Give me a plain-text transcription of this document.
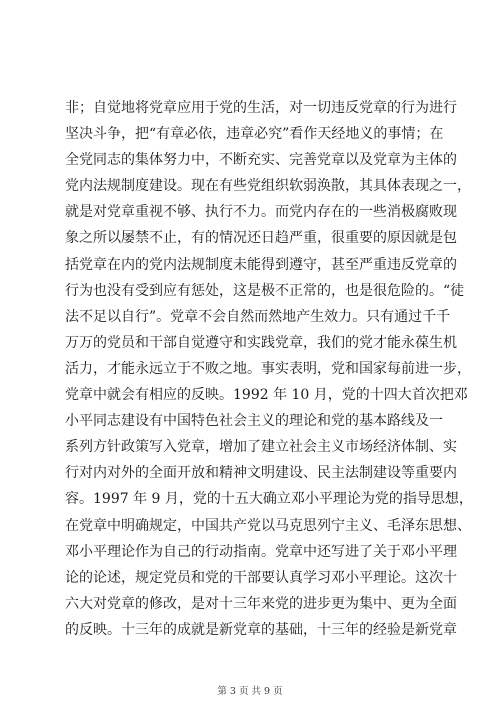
非；自觉地将党章应用于党的生活，对一切违反党章的行为进行
坚决斗争，把“有章必依，违章必究”看作天经地义的事情；在
全党同志的集体努力中，不断充实、完善党章以及党章为主体的
党内法规制度建设。现在有些党组织软弱涣散，其具体表现之一，
就是对党章重视不够、执行不力。而党内存在的一些消极腐败现
象之所以屡禁不止，有的情况还日趋严重，很重要的原因就是包
括党章在内的党内法规制度未能得到遵守，甚至严重违反党章的
行为也没有受到应有惩处，这是极不正常的，也是很危险的。“徒
法不足以自行”。党章不会自然而然地产生效力。只有通过千千
万万的党员和干部自觉遵守和实践党章，我们的党才能永葆生机
活力，才能永远立于不败之地。事实表明，党和国家每前进一步，
党章中就会有相应的反映。1992 年 10 月，党的十四大首次把邓
小平同志建设有中国特色社会主义的理论和党的基本路线及一
系列方针政策写入党章，增加了建立社会主义市场经济体制、实
行对内对外的全面开放和精神文明建设、民主法制建设等重要内
容。1997 年 9 月，党的十五大确立邓小平理论为党的指导思想，
在党章中明确规定，中国共产党以马克思列宁主义、毛泽东思想、
邓小平理论作为自己的行动指南。党章中还写进了关于邓小平理
论的论述，规定党员和党的干部要认真学习邓小平理论。这次十
六大对党章的修改，是对十三年来党的进步更为集中、更为全面
的反映。十三年的成就是新党章的基础，十三年的经验是新党章
第 3 页 共 9 页
